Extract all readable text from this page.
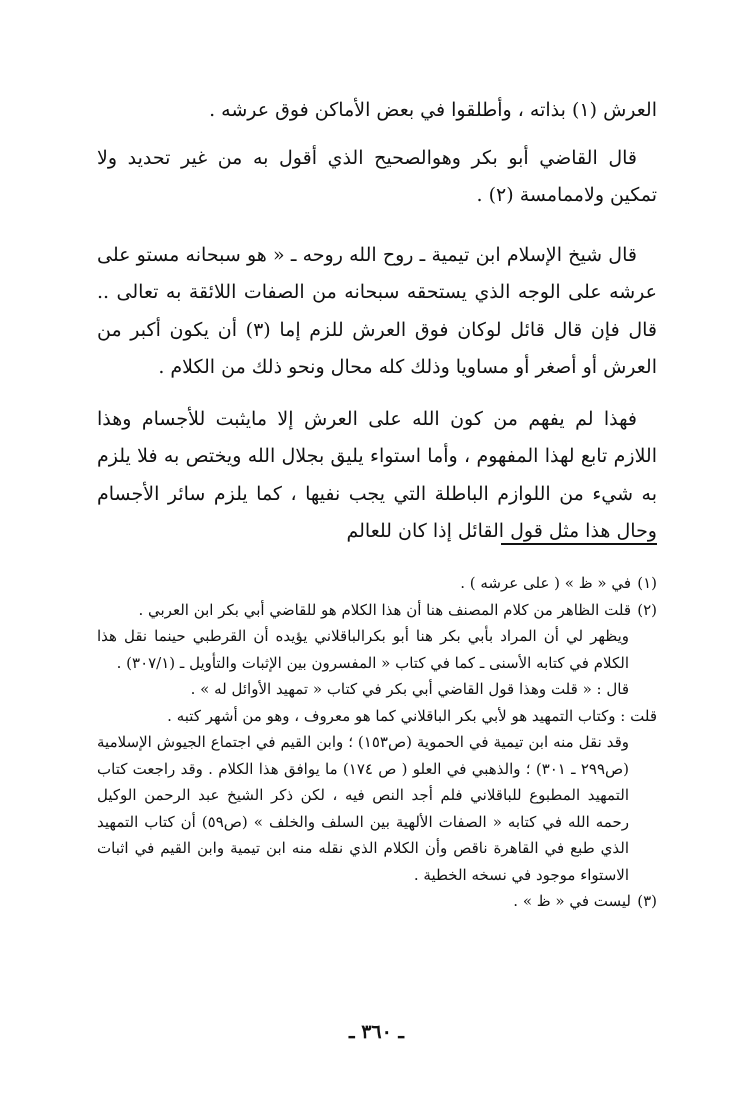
العرش (١) بذاته ، وأطلقوا في بعض الأماكن فوق عرشه .

قال القاضي أبو بكر وهوالصحيح الذي أقول به من غير تحديد ولا تمكين ولاممامسة (٢) .

قال شيخ الإسلام ابن تيمية ـ روح الله روحه ـ « هو سبحانه مستو على عرشه على الوجه الذي يستحقه سبحانه من الصفات اللائقة به تعالى .. قال فإن قال قائل لوكان فوق العرش للزم إما (٣) أن يكون أكبر من العرش أو أصغر أو مساويا وذلك كله محال ونحو ذلك من الكلام .

فهذا لم يفهم من كون الله على العرش إلا مايثبت للأجسام وهذا اللازم تابع لهذا المفهوم ، وأما استواء يليق بجلال الله ويختص به فلا يلزم به شيء من اللوازم الباطلة التي يجب نفيها ، كما يلزم سائر الأجسام وحال هذا مثل قول القائل إذا كان للعالم

(١)في « ظ » ( على عرشه ) .

(٢)قلت الظاهر من كلام المصنف هنا أن هذا الكلام هو للقاضي أبي بكر ابن العربي .

ويظهر لي أن المراد بأبي بكر هنا أبو بكرالباقلاني يؤيده أن القرطبي حينما نقل هذا الكلام في كتابه الأسنى ـ كما في كتاب « المفسرون بين الإثبات والتأويل ـ (٣٠٧/١) .

قال : « قلت وهذا قول القاضي أبي بكر في كتاب « تمهيد الأوائل له » .

قلت : وكتاب التمهيد هو لأبي بكر الباقلاني كما هو معروف ، وهو من أشهر كتبه .

وقد نقل منه ابن تيمية في الحموية (ص١٥٣) ؛ وابن القيم في اجتماع الجيوش الإسلامية (ص٢٩٩ ـ ٣٠١) ؛ والذهبي في العلو ( ص ١٧٤) ما يوافق هذا الكلام . وقد راجعت كتاب التمهيد المطبوع للباقلاني فلم أجد النص فيه ، لكن ذكر الشيخ عبد الرحمن الوكيل رحمه الله في كتابه « الصفات الألهية بين السلف والخلف » (ص٥٩) أن كتاب التمهيد الذي طبع في القاهرة ناقص وأن الكلام الذي نقله منه ابن تيمية وابن القيم في اثبات الاستواء موجود في نسخه الخطية .

(٣)ليست في « ظ » .

ـ ٣٦٠ ـ
